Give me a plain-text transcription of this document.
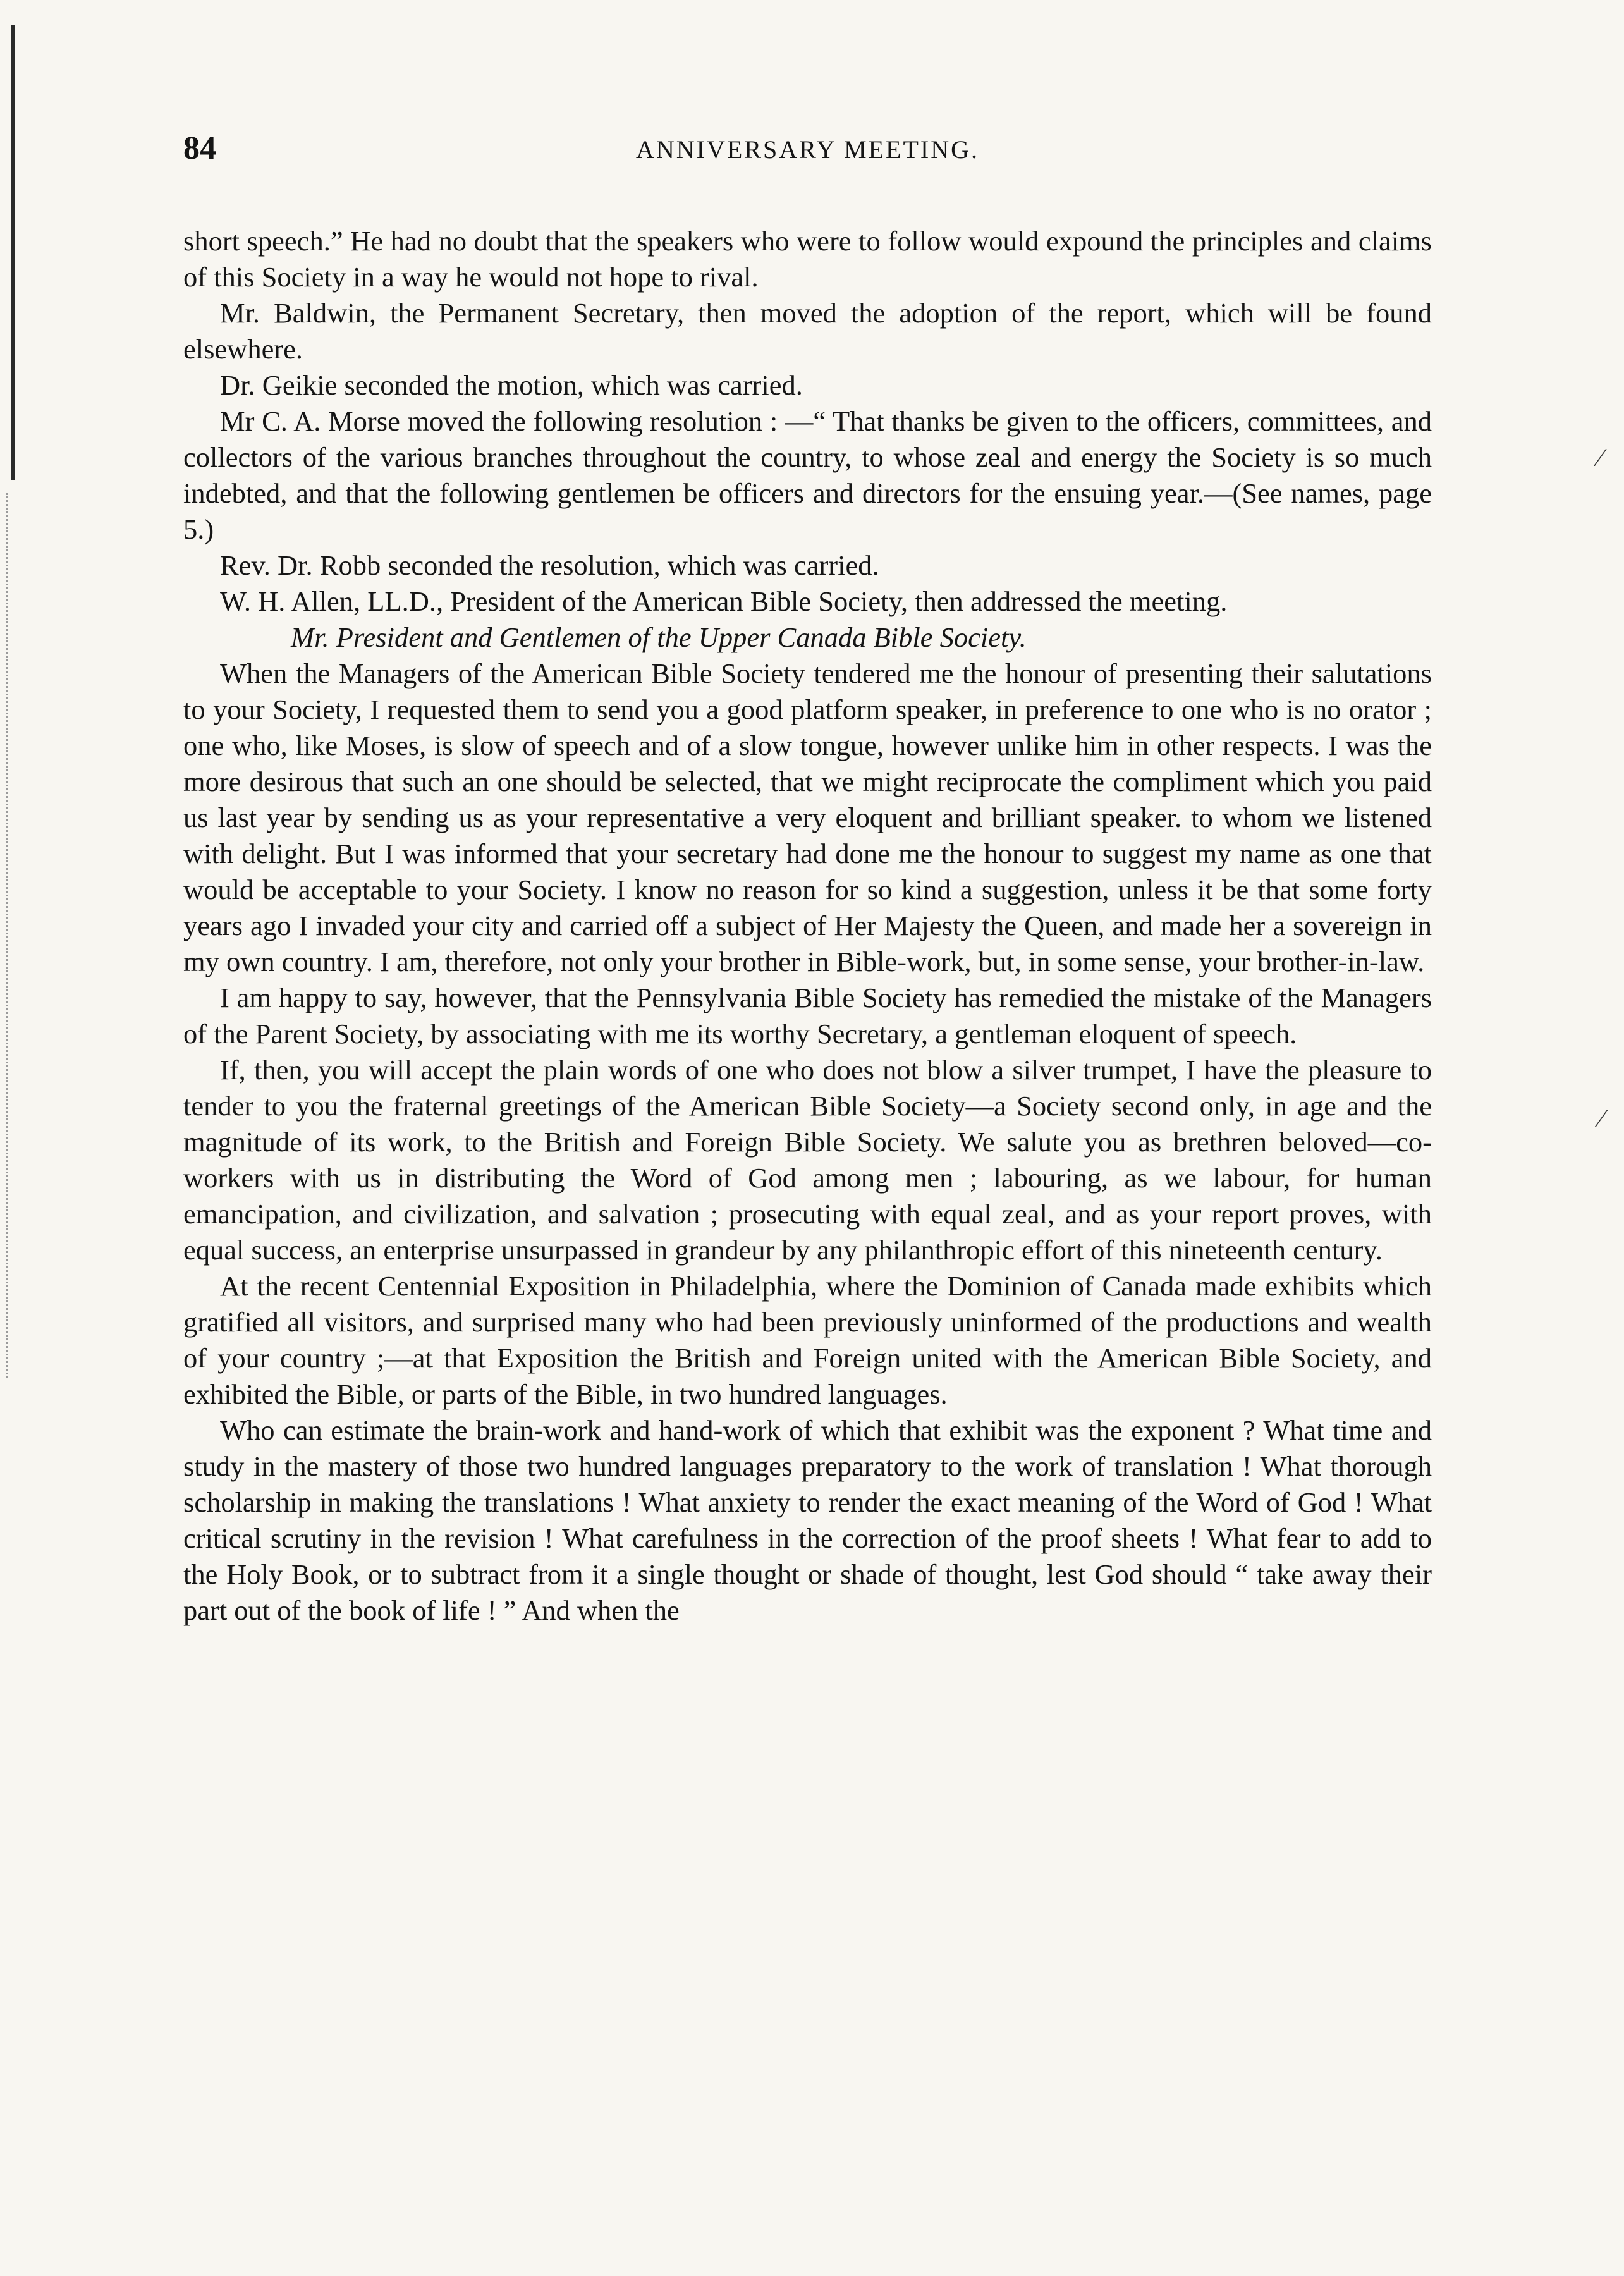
84	ANNIVERSARY MEETING.

short speech.” He had no doubt that the speakers who were to follow would expound the principles and claims of this Society in a way he would not hope to rival.

Mr. Baldwin, the Permanent Secretary, then moved the adoption of the report, which will be found elsewhere.

Dr. Geikie seconded the motion, which was carried.

Mr C. A. Morse moved the following resolution : —“ That thanks be given to the officers, committees, and collectors of the various branches throughout the country, to whose zeal and energy the Society is so much indebted, and that the following gentlemen be officers and directors for the ensuing year.—(See names, page 5.)

Rev. Dr. Robb seconded the resolution, which was carried.

W. H. Allen, LL.D., President of the American Bible Society, then addressed the meeting.

Mr. President and Gentlemen of the Upper Canada Bible Society.

When the Managers of the American Bible Society tendered me the honour of presenting their salutations to your Society, I requested them to send you a good platform speaker, in preference to one who is no orator ; one who, like Moses, is slow of speech and of a slow tongue, however unlike him in other respects. I was the more desirous that such an one should be selected, that we might reciprocate the compliment which you paid us last year by sending us as your representative a very eloquent and brilliant speaker. to whom we listened with delight. But I was informed that your secretary had done me the honour to suggest my name as one that would be acceptable to your Society. I know no reason for so kind a suggestion, unless it be that some forty years ago I invaded your city and carried off a subject of Her Majesty the Queen, and made her a sovereign in my own country. I am, therefore, not only your brother in Bible-work, but, in some sense, your brother-in-law.

I am happy to say, however, that the Pennsylvania Bible Society has remedied the mistake of the Managers of the Parent Society, by associating with me its worthy Secretary, a gentleman eloquent of speech.

If, then, you will accept the plain words of one who does not blow a silver trumpet, I have the pleasure to tender to you the fraternal greetings of the American Bible Society—a Society second only, in age and the magnitude of its work, to the British and Foreign Bible Society. We salute you as brethren beloved—co-workers with us in distributing the Word of God among men ; labouring, as we labour, for human emancipation, and civilization, and salvation ; prosecuting with equal zeal, and as your report proves, with equal success, an enterprise unsurpassed in grandeur by any philanthropic effort of this nineteenth century.

At the recent Centennial Exposition in Philadelphia, where the Dominion of Canada made exhibits which gratified all visitors, and surprised many who had been previously uninformed of the productions and wealth of your country ;—at that Exposition the British and Foreign united with the American Bible Society, and exhibited the Bible, or parts of the Bible, in two hundred languages.

Who can estimate the brain-work and hand-work of which that exhibit was the exponent ? What time and study in the mastery of those two hundred languages preparatory to the work of translation ! What thorough scholarship in making the translations ! What anxiety to render the exact meaning of the Word of God ! What critical scrutiny in the revision ! What carefulness in the correction of the proof sheets ! What fear to add to the Holy Book, or to subtract from it a single thought or shade of thought, lest God should “ take away their part out of the book of life ! ” And when the

⁄
⁄
